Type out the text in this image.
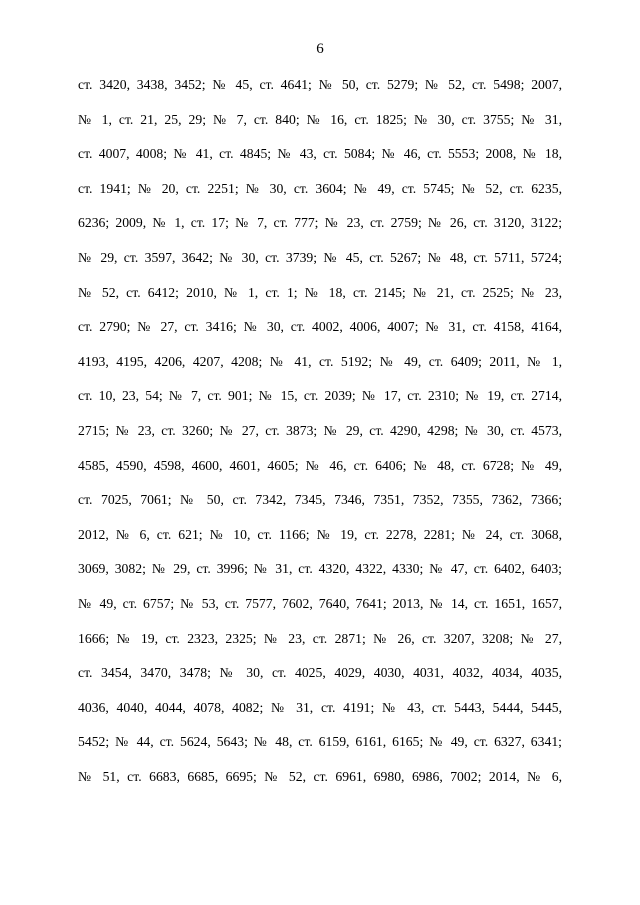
6
ст. 3420, 3438, 3452; № 45, ст. 4641; № 50, ст. 5279; № 52, ст. 5498; 2007,
№ 1, ст. 21, 25, 29; № 7, ст. 840; № 16, ст. 1825; № 30, ст. 3755; № 31,
ст. 4007, 4008; № 41, ст. 4845; № 43, ст. 5084; № 46, ст. 5553; 2008, № 18,
ст. 1941; № 20, ст. 2251; № 30, ст. 3604; № 49, ст. 5745; № 52, ст. 6235,
6236; 2009, № 1, ст. 17; № 7, ст. 777; № 23, ст. 2759; № 26, ст. 3120, 3122;
№ 29, ст. 3597, 3642; № 30, ст. 3739; № 45, ст. 5267; № 48, ст. 5711, 5724;
№ 52, ст. 6412; 2010, № 1, ст. 1; № 18, ст. 2145; № 21, ст. 2525; № 23,
ст. 2790; № 27, ст. 3416; № 30, ст. 4002, 4006, 4007; № 31, ст. 4158, 4164,
4193, 4195, 4206, 4207, 4208; № 41, ст. 5192; № 49, ст. 6409; 2011, № 1,
ст. 10, 23, 54; № 7, ст. 901; № 15, ст. 2039; № 17, ст. 2310; № 19, ст. 2714,
2715; № 23, ст. 3260; № 27, ст. 3873; № 29, ст. 4290, 4298; № 30, ст. 4573,
4585, 4590, 4598, 4600, 4601, 4605; № 46, ст. 6406; № 48, ст. 6728; № 49,
ст. 7025, 7061; № 50, ст. 7342, 7345, 7346, 7351, 7352, 7355, 7362, 7366;
2012, № 6, ст. 621; № 10, ст. 1166; № 19, ст. 2278, 2281; № 24, ст. 3068,
3069, 3082; № 29, ст. 3996; № 31, ст. 4320, 4322, 4330; № 47, ст. 6402, 6403;
№ 49, ст. 6757; № 53, ст. 7577, 7602, 7640, 7641; 2013, № 14, ст. 1651, 1657,
1666; № 19, ст. 2323, 2325; № 23, ст. 2871; № 26, ст. 3207, 3208; № 27,
ст. 3454, 3470, 3478; № 30, ст. 4025, 4029, 4030, 4031, 4032, 4034, 4035,
4036, 4040, 4044, 4078, 4082; № 31, ст. 4191; № 43, ст. 5443, 5444, 5445,
5452; № 44, ст. 5624, 5643; № 48, ст. 6159, 6161, 6165; № 49, ст. 6327, 6341;
№ 51, ст. 6683, 6685, 6695; № 52, ст. 6961, 6980, 6986, 7002; 2014, № 6,
